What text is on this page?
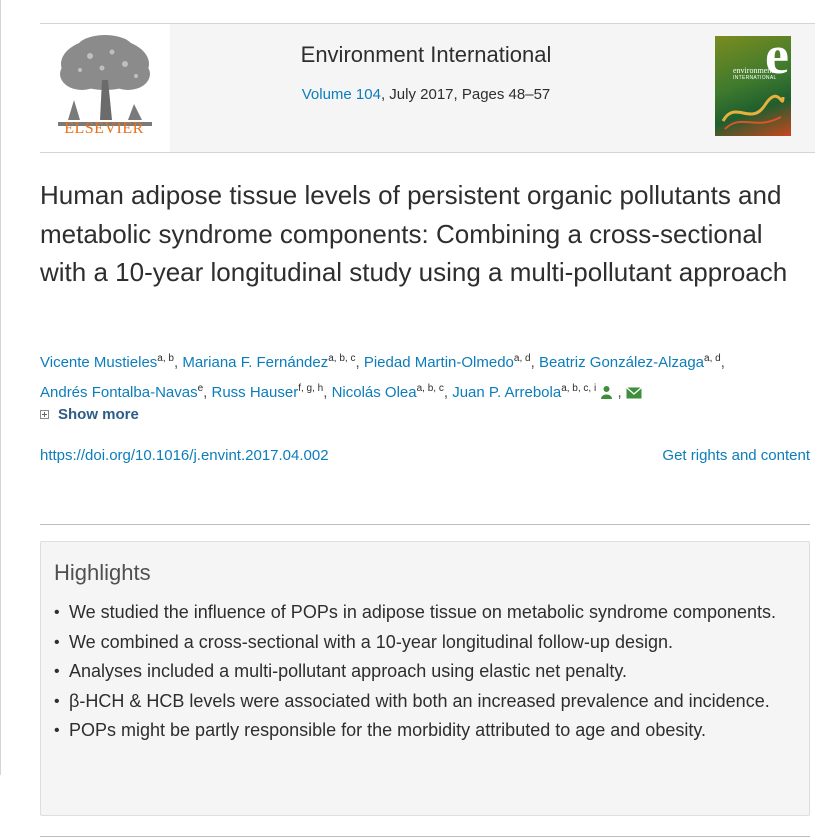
ELSEVIER
Environment International
Volume 104, July 2017, Pages 48–57
e
environment
INTERNATIONAL
Human adipose tissue levels of persistent organic pollutants and metabolic syndrome components: Combining a cross-sectional with a 10-year longitudinal study using a multi-pollutant approach
Vicente Mustieles$^{a, b}$, Mariana F. Fernández$^{a, b, c}$, Piedad Martin-Olmedo$^{a, d}$, Beatriz González-Alzaga$^{a, d}$,
Andrés Fontalba-Navas$^e$, Russ Hauser$^{f, g, h}$, Nicolás Olea$^{a, b, c}$, Juan P. Arrebola$^{a, b, c, i}$  ,
Show more
https://doi.org/10.1016/j.envint.2017.04.002	Get rights and content
Highlights
• We studied the influence of POPs in adipose tissue on metabolic syndrome components.
• We combined a cross-sectional with a 10-year longitudinal follow-up design.
• Analyses included a multi-pollutant approach using elastic net penalty.
• β-HCH & HCB levels were associated with both an increased prevalence and incidence.
• POPs might be partly responsible for the morbidity attributed to age and obesity.
